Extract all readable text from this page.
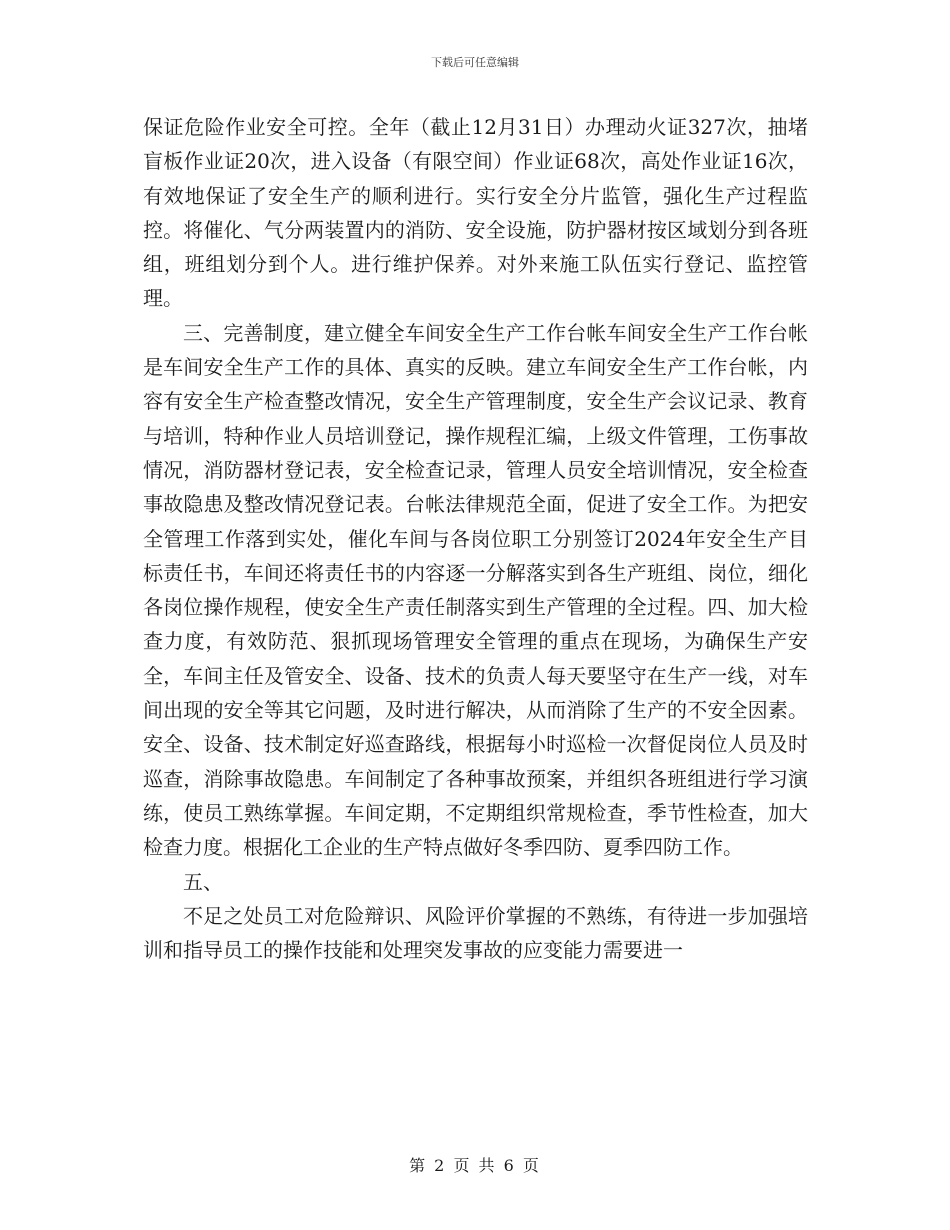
下载后可任意编辑

保证危险作业安全可控。全年（截止12月31日）办理动火证327次，抽堵盲板作业证20次，进入设备（有限空间）作业证68次，高处作业证16次，有效地保证了安全生产的顺利进行。实行安全分片监管，强化生产过程监控。将催化、气分两装置内的消防、安全设施，防护器材按区域划分到各班组，班组划分到个人。进行维护保养。对外来施工队伍实行登记、监控管理。

三、完善制度，建立健全车间安全生产工作台帐车间安全生产工作台帐是车间安全生产工作的具体、真实的反映。建立车间安全生产工作台帐，内容有安全生产检查整改情况，安全生产管理制度，安全生产会议记录、教育与培训，特种作业人员培训登记，操作规程汇编，上级文件管理，工伤事故情况，消防器材登记表，安全检查记录，管理人员安全培训情况，安全检查事故隐患及整改情况登记表。台帐法律规范全面，促进了安全工作。为把安全管理工作落到实处，催化车间与各岗位职工分别签订2024年安全生产目标责任书，车间还将责任书的内容逐一分解落实到各生产班组、岗位，细化各岗位操作规程，使安全生产责任制落实到生产管理的全过程。四、加大检查力度，有效防范、狠抓现场管理安全管理的重点在现场，为确保生产安全，车间主任及管安全、设备、技术的负责人每天要坚守在生产一线，对车间出现的安全等其它问题，及时进行解决，从而消除了生产的不安全因素。安全、设备、技术制定好巡查路线，根据每小时巡检一次督促岗位人员及时巡查，消除事故隐患。车间制定了各种事故预案，并组织各班组进行学习演练，使员工熟练掌握。车间定期，不定期组织常规检查，季节性检查，加大检查力度。根据化工企业的生产特点做好冬季四防、夏季四防工作。

五、

不足之处员工对危险辩识、风险评价掌握的不熟练，有待进一步加强培训和指导员工的操作技能和处理突发事故的应变能力需要进一

第 2 页 共 6 页
